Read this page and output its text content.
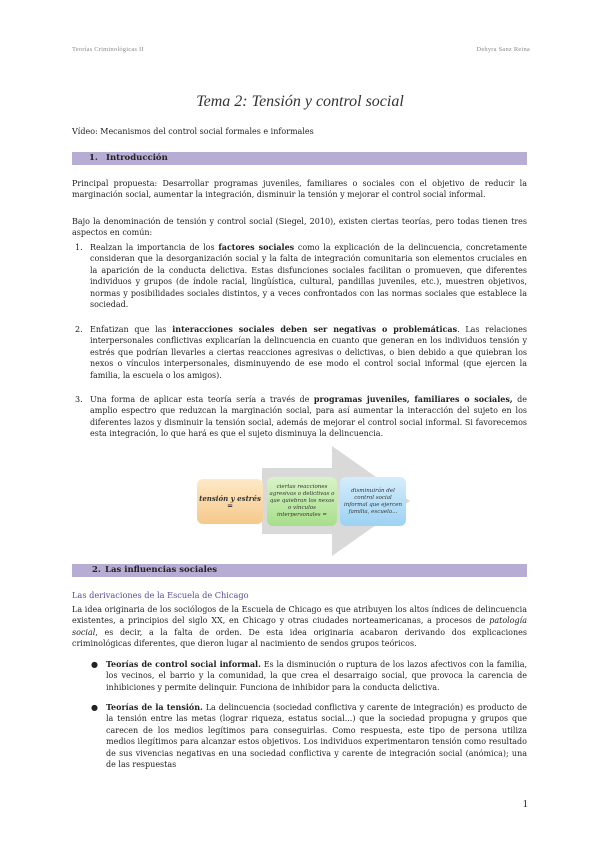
Teorías Criminológicas II	Dehyra Sanz Reina
Tema 2: Tensión y control social
Vídeo: Mecanismos del control social formales e informales
1. Introducción
Principal propuesta: Desarrollar programas juveniles, familiares o sociales con el objetivo de reducir la marginación social, aumentar la integración, disminuir la tensión y mejorar el control social informal.
Bajo la denominación de tensión y control social (Siegel, 2010), existen ciertas teorías, pero todas tienen tres aspectos en común:
1. Realzan la importancia de los factores sociales como la explicación de la delincuencia, concretamente consideran que la desorganización social y la falta de integración comunitaria son elementos cruciales en la aparición de la conducta delictiva. Estas disfunciones sociales facilitan o promueven, que diferentes individuos y grupos (de índole racial, lingüística, cultural, pandillas juveniles, etc.), muestren objetivos, normas y posibilidades sociales distintos, y a veces confrontados con las normas sociales que establece la sociedad.
2. Enfatizan que las interacciones sociales deben ser negativas o problemáticas. Las relaciones interpersonales conflictivas explicarían la delincuencia en cuanto que generan en los individuos tensión y estrés que podrían llevarles a ciertas reacciones agresivas o delictivas, o bien debido a que quiebran los nexos o vínculos interpersonales, disminuyendo de ese modo el control social informal (que ejercen la familia, la escuela o los amigos).
3. Una forma de aplicar esta teoría sería a través de programas juveniles, familiares o sociales, de amplio espectro que reduzcan la marginación social, para así aumentar la interacción del sujeto en los diferentes lazos y disminuir la tensión social, además de mejorar el control social informal. Si favorecemos esta integración, lo que hará es que el sujeto disminuya la delincuencia.
tensión y estrés =
ciertas reacciones agresivas o delictivas o que quiebran los nexos o vínculos interpersonales =
disminuirán del control social informal que ejercen familia, escuela...
2. Las influencias sociales
Las derivaciones de la Escuela de Chicago
La idea originaria de los sociólogos de la Escuela de Chicago es que atribuyen los altos índices de delincuencia existentes, a principios del siglo XX, en Chicago y otras ciudades norteamericanas, a procesos de patología social, es decir, a la falta de orden. De esta idea originaria acabaron derivando dos explicaciones criminológicas diferentes, que dieron lugar al nacimiento de sendos grupos teóricos.
● Teorías de control social informal. Es la disminución o ruptura de los lazos afectivos con la familia, los vecinos, el barrio y la comunidad, la que crea el desarraigo social, que provoca la carencia de inhibiciones y permite delinquir. Funciona de inhibidor para la conducta delictiva.
● Teorías de la tensión. La delincuencia (sociedad conflictiva y carente de integración) es producto de la tensión entre las metas (lograr riqueza, estatus social...) que la sociedad propugna y grupos que carecen de los medios legítimos para conseguirlas. Como respuesta, este tipo de persona utiliza medios ilegítimos para alcanzar estos objetivos. Los individuos experimentaron tensión como resultado de sus vivencias negativas en una sociedad conflictiva y carente de integración social (anómica); una de las respuestas
1
